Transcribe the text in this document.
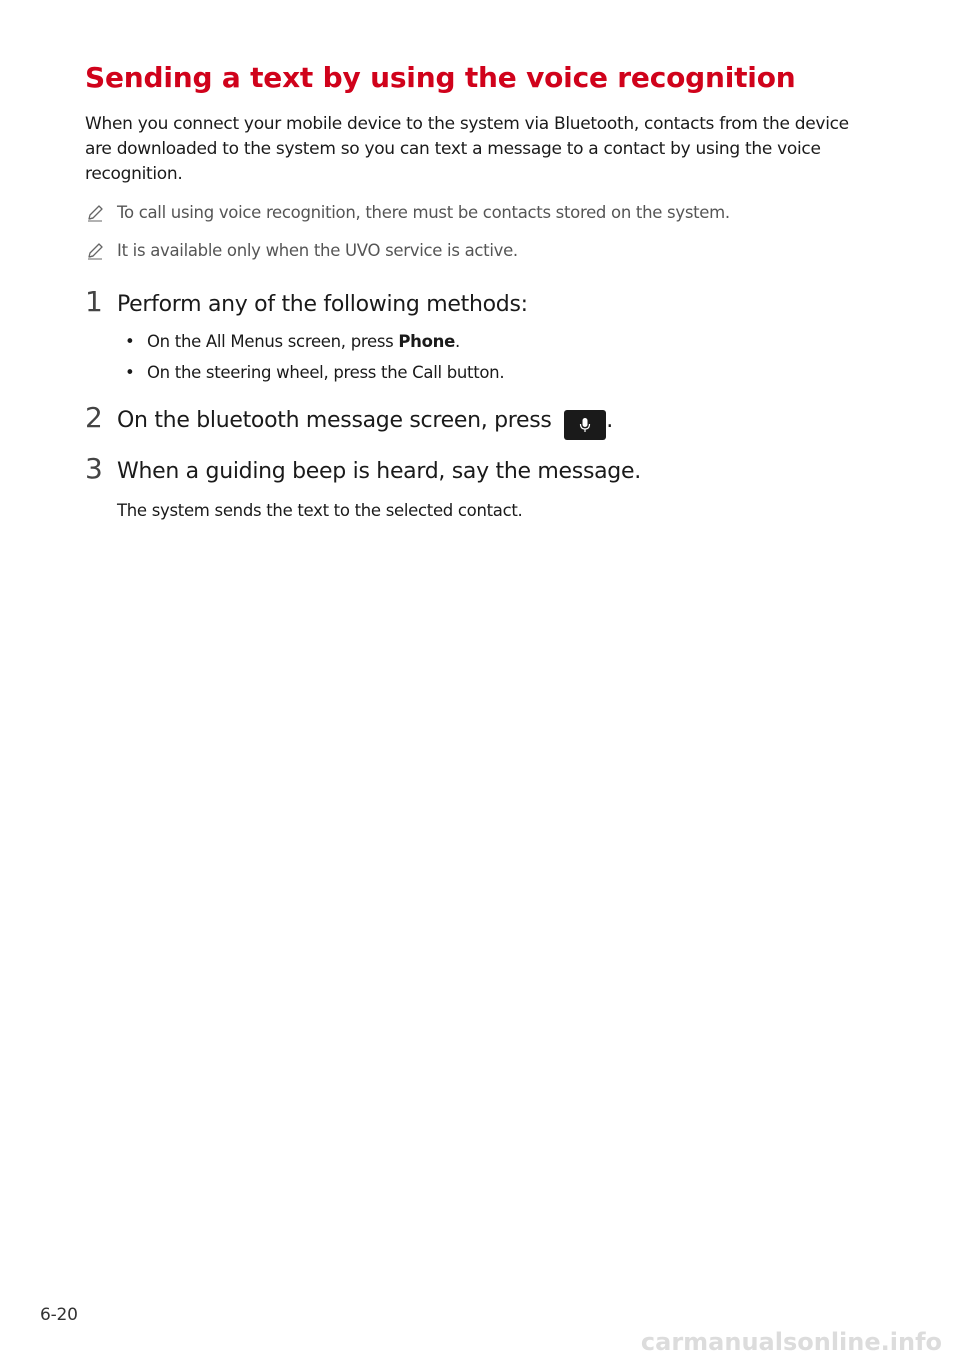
Sending a text by using the voice recognition

When you connect your mobile device to the system via Bluetooth, contacts from the device are downloaded to the system so you can text a message to a contact by using the voice recognition.

To call using voice recognition, there must be contacts stored on the system.
It is available only when the UVO service is active.
1 Perform any of the following methods:
• On the All Menus screen, press Phone.
• On the steering wheel, press the Call button.
2 On the bluetooth message screen, press
.
3 When a guiding beep is heard, say the message.

The system sends the text to the selected contact.

6-20
carmanualsonline.info
